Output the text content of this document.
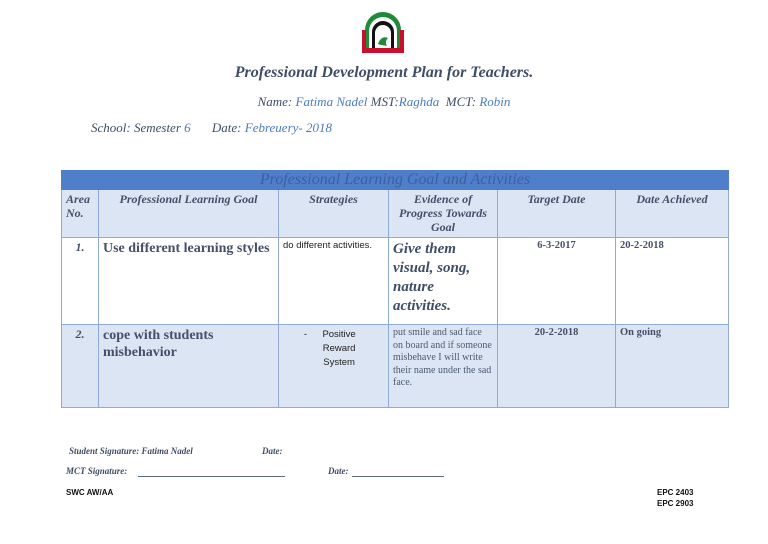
Professional Development Plan for Teachers.
Name: Fatima Nadel MST:Raghda MCT: Robin
School: Semester 6 Date: Febreuery- 2018
Professional Learning Goal and Activities					
Area No.	Professional Learning Goal	Strategies	Evidence of Progress Towards Goal	Target Date	Date Achieved
1.	Use different learning styles	do different activities.	Give them visual, song, nature activities.	6-3-2017	20-2-2018
2.	cope with students misbehavior	- Positive Reward System	put smile and sad face on board and if someone misbehave I will write their name under the sad face.	20-2-2018	On going
Student Signature: Fatima Nadel	Date:
MCT Signature:	Date:
SWC AW/AA	EPC 2403
EPC 2903
